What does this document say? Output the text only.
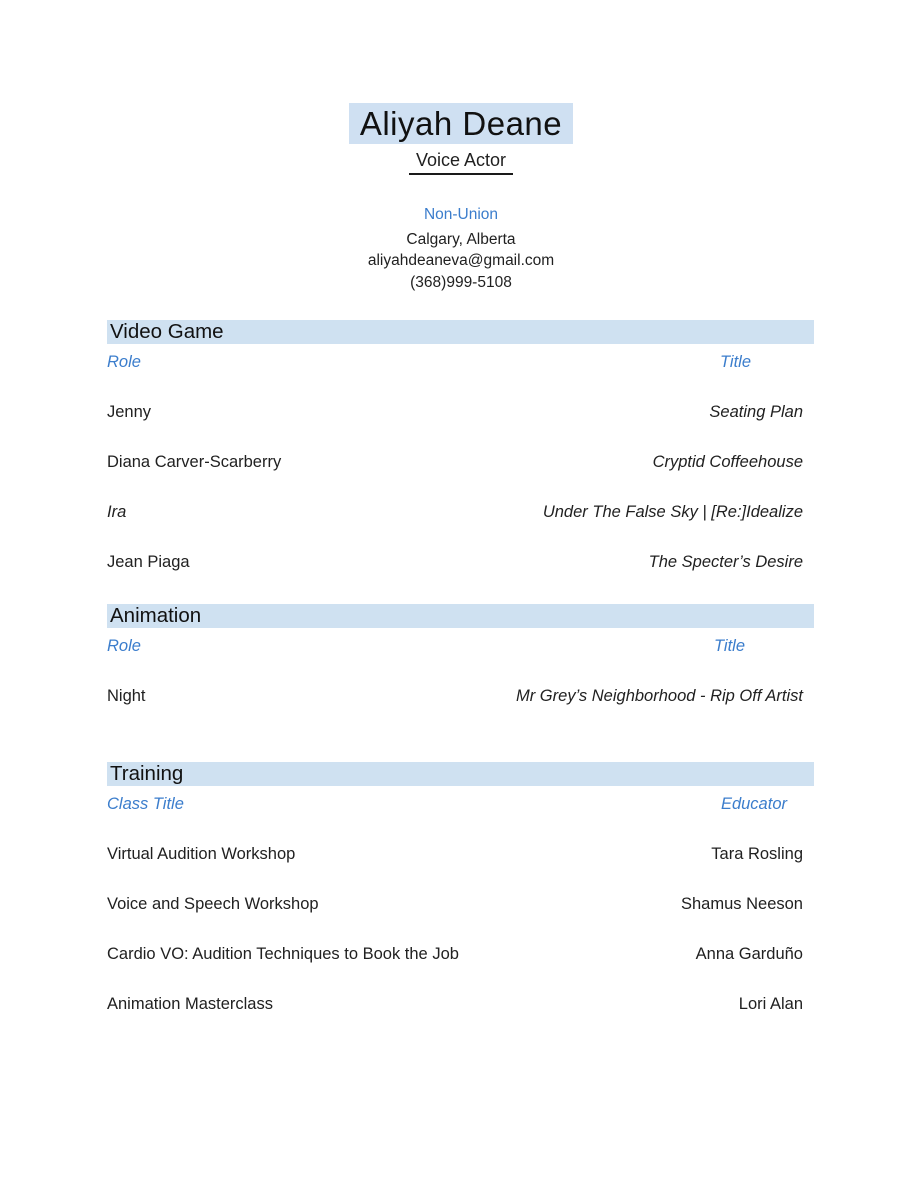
Aliyah Deane
Voice Actor
Non-Union
Calgary, Alberta
aliyahdeaneva@gmail.com
(368)999-5108
Video Game
Role	Title
Jenny	Seating Plan
Diana Carver-Scarberry	Cryptid Coffeehouse
Ira	Under The False Sky | [Re:]Idealize
Jean Piaga	The Specter’s Desire
Animation
Role	Title
Night	Mr Grey’s Neighborhood - Rip Off Artist
Training
Class Title	Educator
Virtual Audition Workshop	Tara Rosling
Voice and Speech Workshop	Shamus Neeson
Cardio VO: Audition Techniques to Book the Job	Anna Garduño
Animation Masterclass	Lori Alan
